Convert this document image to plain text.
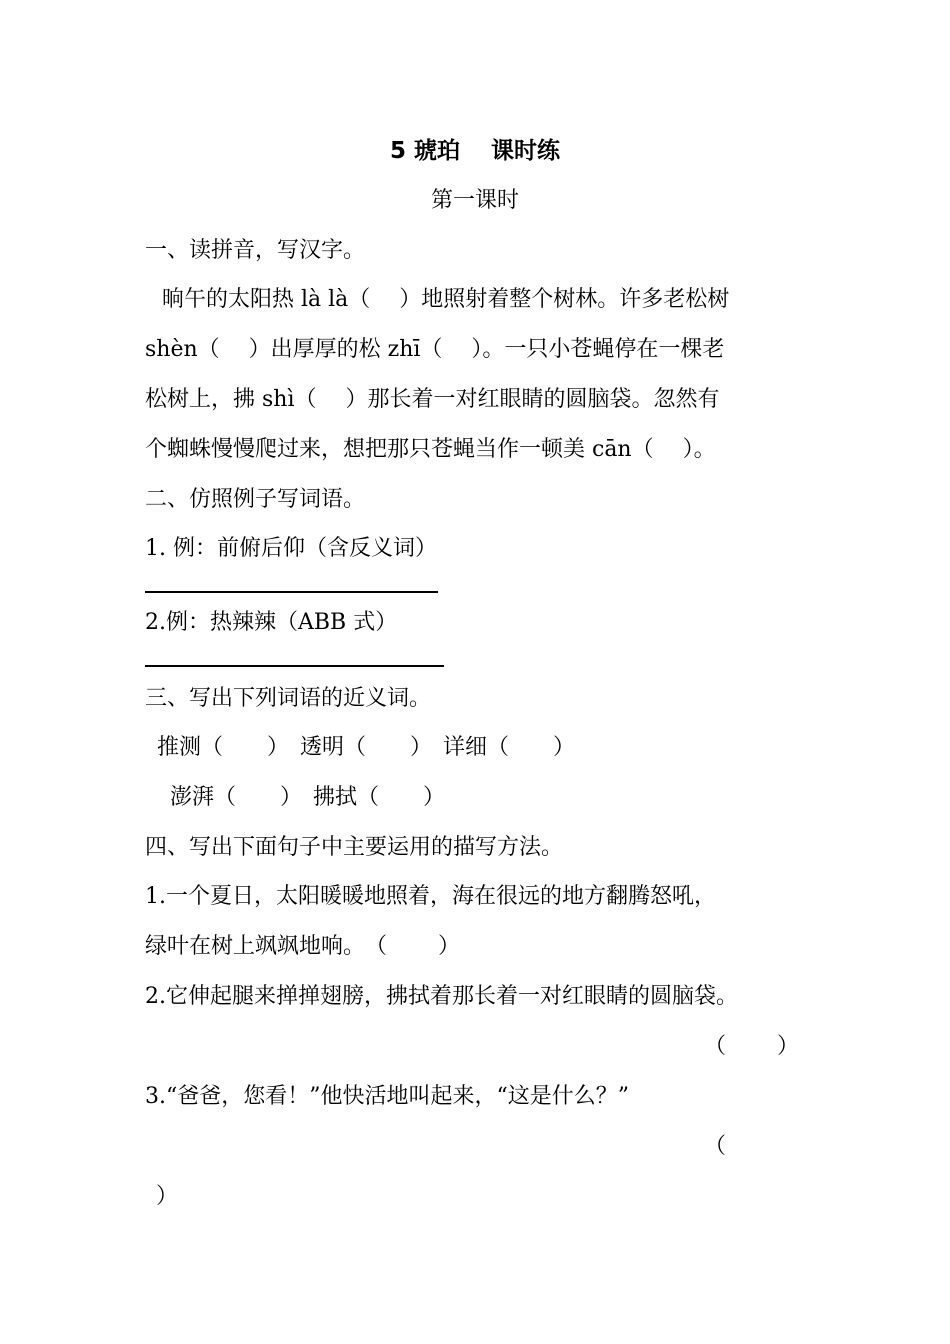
5 琥珀　 课时练
第一课时
一、读拼音，写汉字。
晌午的太阳热 là là（　 ）地照射着整个树林。许多老松树
shèn（　 ）出厚厚的松 zhī（　 ）。一只小苍蝇停在一棵老
松树上，拂 shì（　 ）那长着一对红眼睛的圆脑袋。忽然有
个蜘蛛慢慢爬过来，想把那只苍蝇当作一顿美 cān（　 ）。
二、仿照例子写词语。
1. 例：前俯后仰（含反义词）
2.例：热辣辣（ABB 式）
三、写出下列词语的近义词。
推测（　　）　透明（　　）　详细（　　）
澎湃（　　）　拂拭（　　）
四、写出下面句子中主要运用的描写方法。
1.一个夏日，太阳暖暖地照着，海在很远的地方翻腾怒吼，
绿叶在树上飒飒地响。　（　　 ）
2.它伸起腿来掸掸翅膀，拂拭着那长着一对红眼睛的圆脑袋。
（　　 ）
3.“爸爸，您看！”他快活地叫起来，“这是什么？”
（
）
